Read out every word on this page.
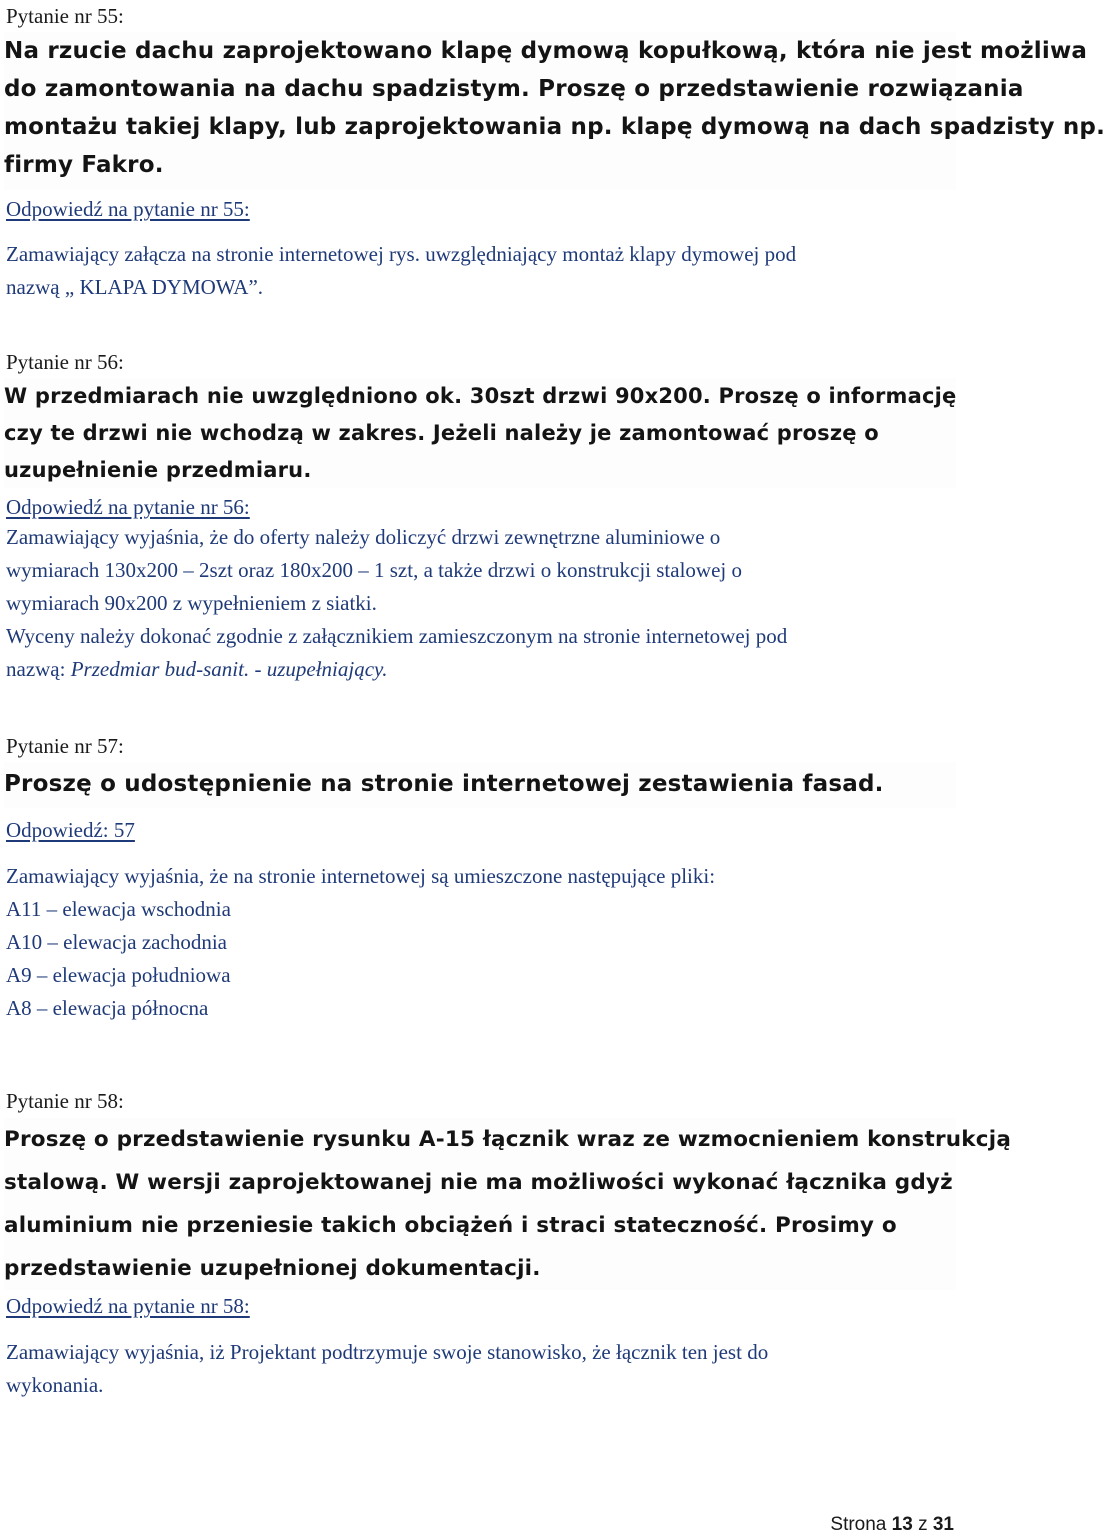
Pytanie nr 55:
Na rzucie dachu zaprojektowano klapę dymową kopułkową, która nie jest możliwa
do zamontowania na dachu spadzistym. Proszę o przedstawienie rozwiązania
montażu takiej klapy, lub zaprojektowania np. klapę dymową na dach spadzisty np.
firmy Fakro.
Odpowiedź na pytanie nr 55:
Zamawiający załącza na stronie internetowej rys. uwzględniający montaż klapy dymowej pod
nazwą „ KLAPA DYMOWA”.
Pytanie nr 56:
W przedmiarach nie uwzględniono ok. 30szt drzwi 90x200. Proszę o informację
czy te drzwi nie wchodzą w zakres. Jeżeli należy je zamontować proszę o
uzupełnienie przedmiaru.
Odpowiedź na pytanie nr 56:
Zamawiający wyjaśnia, że do oferty należy doliczyć drzwi zewnętrzne aluminiowe o
wymiarach 130x200 – 2szt oraz 180x200 – 1 szt, a także drzwi o konstrukcji stalowej o
wymiarach 90x200 z wypełnieniem z siatki.
Wyceny należy dokonać zgodnie z załącznikiem zamieszczonym na stronie internetowej pod
nazwą: Przedmiar bud-sanit. - uzupełniający.
Pytanie nr 57:
Proszę o udostępnienie na stronie internetowej zestawienia fasad.
Odpowiedź: 57
Zamawiający wyjaśnia, że na stronie internetowej są umieszczone następujące pliki:
A11 – elewacja wschodnia
A10 – elewacja zachodnia
A9 – elewacja południowa
A8 – elewacja północna
Pytanie nr 58:
Proszę o przedstawienie rysunku A-15 łącznik wraz ze wzmocnieniem konstrukcją
stalową. W wersji zaprojektowanej nie ma możliwości wykonać łącznika gdyż
aluminium nie przeniesie takich obciążeń i straci stateczność. Prosimy o
przedstawienie uzupełnionej dokumentacji.
Odpowiedź na pytanie nr 58:
Zamawiający wyjaśnia, iż Projektant podtrzymuje swoje stanowisko, że łącznik ten jest do
wykonania.
Strona 13 z 31
